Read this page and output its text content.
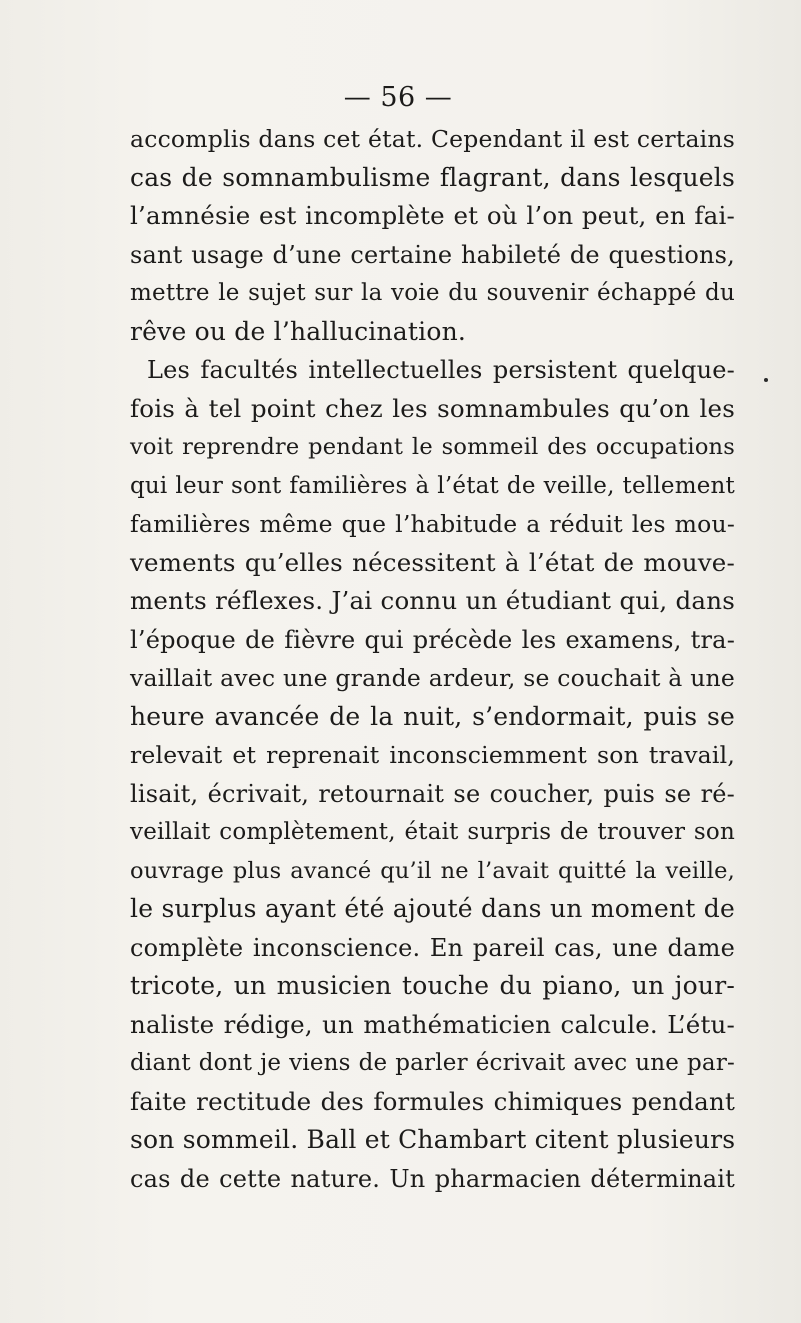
— 56 —
accomplis dans cet état. Cependant il est certains
cas de somnambulisme flagrant, dans lesquels
l’amnésie est incomplète et où l’on peut, en fai-
sant usage d’une certaine habileté de questions,
mettre le sujet sur la voie du souvenir échappé du
rêve ou de l’hallucination.
Les facultés intellectuelles persistent quelque-
fois à tel point chez les somnambules qu’on les
voit reprendre pendant le sommeil des occupations
qui leur sont familières à l’état de veille, tellement
familières même que l’habitude a réduit les mou-
vements qu’elles nécessitent à l’état de mouve-
ments réflexes. J’ai connu un étudiant qui, dans
l’époque de fièvre qui précède les examens, tra-
vaillait avec une grande ardeur, se couchait à une
heure avancée de la nuit, s’endormait, puis se
relevait et reprenait inconsciemment son travail,
lisait, écrivait, retournait se coucher, puis se ré-
veillait complètement, était surpris de trouver son
ouvrage plus avancé qu’il ne l’avait quitté la veille,
le surplus ayant été ajouté dans un moment de
complète inconscience. En pareil cas, une dame
tricote, un musicien touche du piano, un jour-
naliste rédige, un mathématicien calcule. L’étu-
diant dont je viens de parler écrivait avec une par-
faite rectitude des formules chimiques pendant
son sommeil. Ball et Chambart citent plusieurs
cas de cette nature. Un pharmacien déterminait
